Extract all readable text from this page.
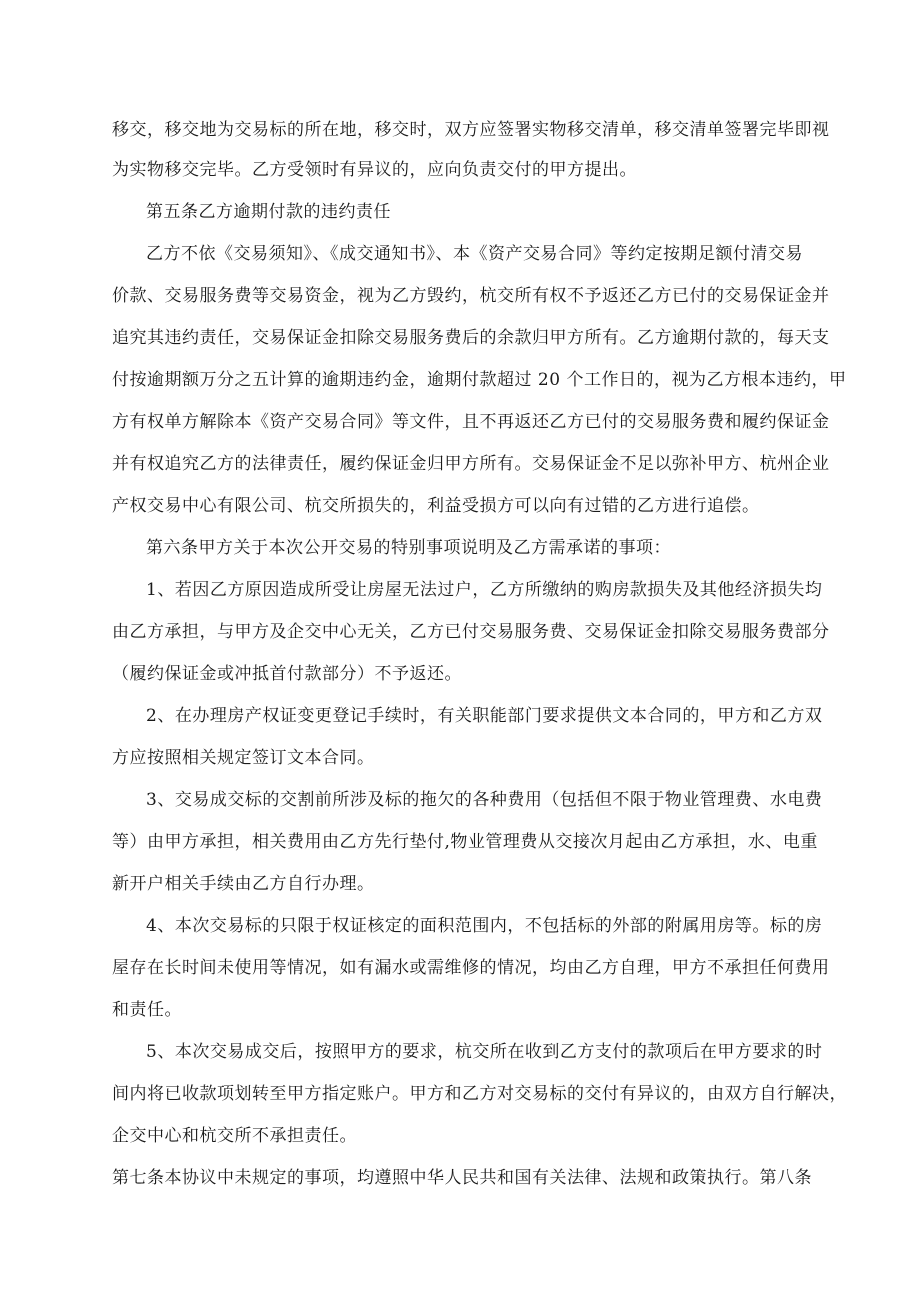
移交，移交地为交易标的所在地，移交时，双方应签署实物移交清单，移交清单签署完毕即视
为实物移交完毕。乙方受领时有异议的，应向负责交付的甲方提出。
第五条乙方逾期付款的违约责任
乙方不依《交易须知》、《成交通知书》、本《资产交易合同》等约定按期足额付清交易
价款、交易服务费等交易资金，视为乙方毁约，杭交所有权不予返还乙方已付的交易保证金并
追究其违约责任，交易保证金扣除交易服务费后的余款归甲方所有。乙方逾期付款的，每天支
付按逾期额万分之五计算的逾期违约金，逾期付款超过 20 个工作日的，视为乙方根本违约，甲
方有权单方解除本《资产交易合同》等文件，且不再返还乙方已付的交易服务费和履约保证金
并有权追究乙方的法律责任，履约保证金归甲方所有。交易保证金不足以弥补甲方、杭州企业
产权交易中心有限公司、杭交所损失的，利益受损方可以向有过错的乙方进行追偿。
第六条甲方关于本次公开交易的特别事项说明及乙方需承诺的事项：
1、若因乙方原因造成所受让房屋无法过户，乙方所缴纳的购房款损失及其他经济损失均
由乙方承担，与甲方及企交中心无关，乙方已付交易服务费、交易保证金扣除交易服务费部分
（履约保证金或冲抵首付款部分）不予返还。
2、在办理房产权证变更登记手续时，有关职能部门要求提供文本合同的，甲方和乙方双
方应按照相关规定签订文本合同。
3、交易成交标的交割前所涉及标的拖欠的各种费用（包括但不限于物业管理费、水电费
等）由甲方承担，相关费用由乙方先行垫付,物业管理费从交接次月起由乙方承担，水、电重
新开户相关手续由乙方自行办理。
4、本次交易标的只限于权证核定的面积范围内，不包括标的外部的附属用房等。标的房
屋存在长时间未使用等情况，如有漏水或需维修的情况，均由乙方自理，甲方不承担任何费用
和责任。
5、本次交易成交后，按照甲方的要求，杭交所在收到乙方支付的款项后在甲方要求的时
间内将已收款项划转至甲方指定账户。甲方和乙方对交易标的交付有异议的，由双方自行解决，
企交中心和杭交所不承担责任。
第七条本协议中未规定的事项，均遵照中华人民共和国有关法律、法规和政策执行。第八条
